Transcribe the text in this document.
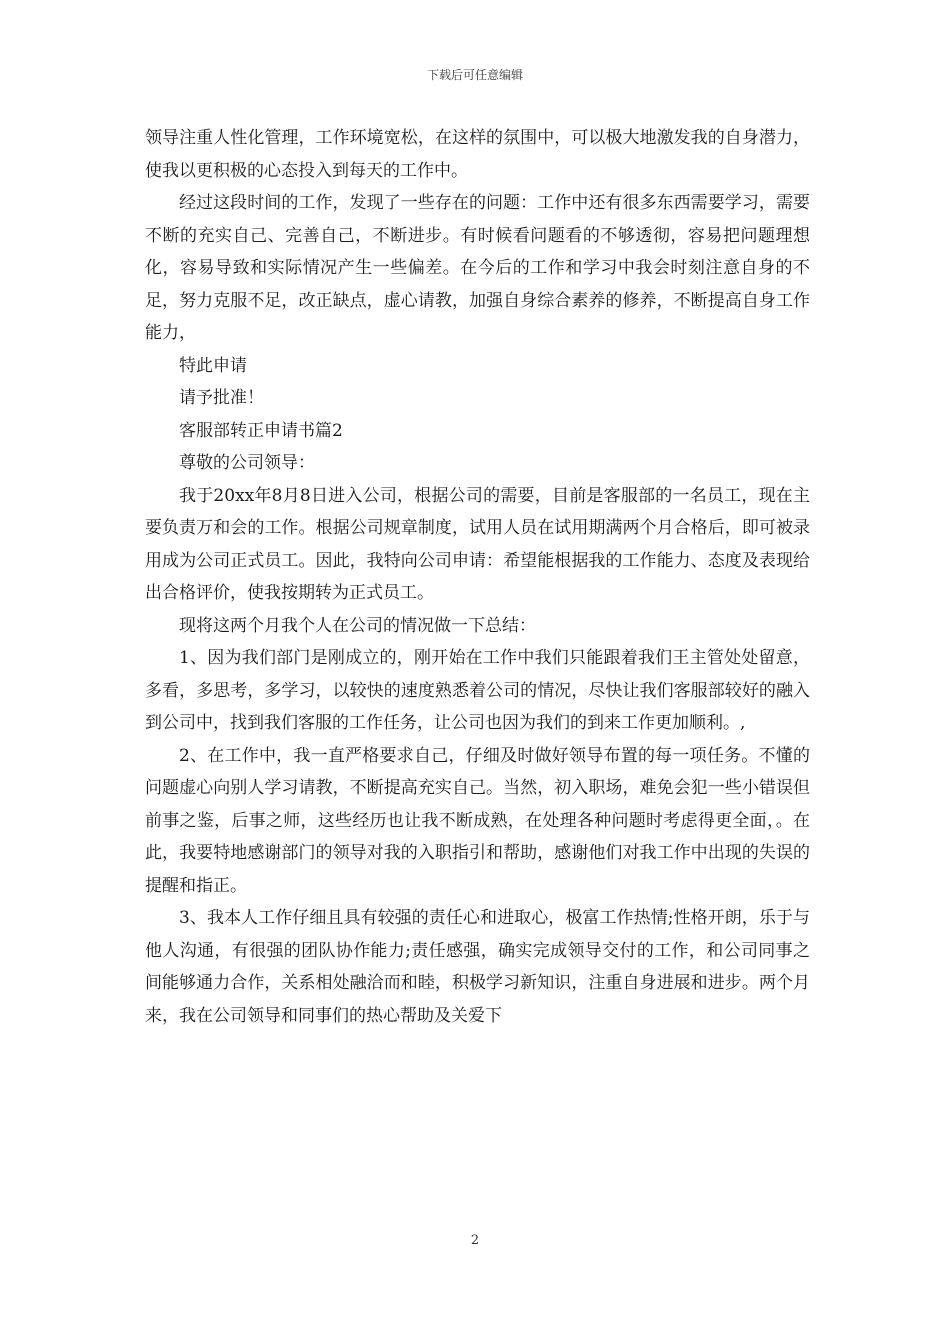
下载后可任意编辑

领导注重人性化管理，工作环境宽松，在这样的氛围中，可以极大地激发我的自身潜力，使我以更积极的心态投入到每天的工作中。

经过这段时间的工作，发现了一些存在的问题：工作中还有很多东西需要学习，需要不断的充实自己、完善自己，不断进步。有时候看问题看的不够透彻，容易把问题理想化，容易导致和实际情况产生一些偏差。在今后的工作和学习中我会时刻注意自身的不足，努力克服不足，改正缺点，虚心请教，加强自身综合素养的修养，不断提高自身工作能力，

特此申请

请予批准！

客服部转正申请书篇2

尊敬的公司领导：

我于20xx年8月8日进入公司，根据公司的需要，目前是客服部的一名员工，现在主要负责万和会的工作。根据公司规章制度，试用人员在试用期满两个月合格后，即可被录用成为公司正式员工。因此，我特向公司申请：希望能根据我的工作能力、态度及表现给出合格评价，使我按期转为正式员工。

现将这两个月我个人在公司的情况做一下总结：

1、因为我们部门是刚成立的，刚开始在工作中我们只能跟着我们王主管处处留意，多看，多思考，多学习，以较快的速度熟悉着公司的情况，尽快让我们客服部较好的融入到公司中，找到我们客服的工作任务，让公司也因为我们的到来工作更加顺利。,

2、在工作中，我一直严格要求自己，仔细及时做好领导布置的每一项任务。不懂的问题虚心向别人学习请教，不断提高充实自己。当然，初入职场，难免会犯一些小错误但前事之鉴，后事之师，这些经历也让我不断成熟，在处理各种问题时考虑得更全面，。在此，我要特地感谢部门的领导对我的入职指引和帮助，感谢他们对我工作中出现的失误的提醒和指正。

3、我本人工作仔细且具有较强的责任心和进取心，极富工作热情;性格开朗，乐于与他人沟通，有很强的团队协作能力;责任感强，确实完成领导交付的工作，和公司同事之间能够通力合作，关系相处融洽而和睦，积极学习新知识，注重自身进展和进步。两个月来，我在公司领导和同事们的热心帮助及关爱下

2
